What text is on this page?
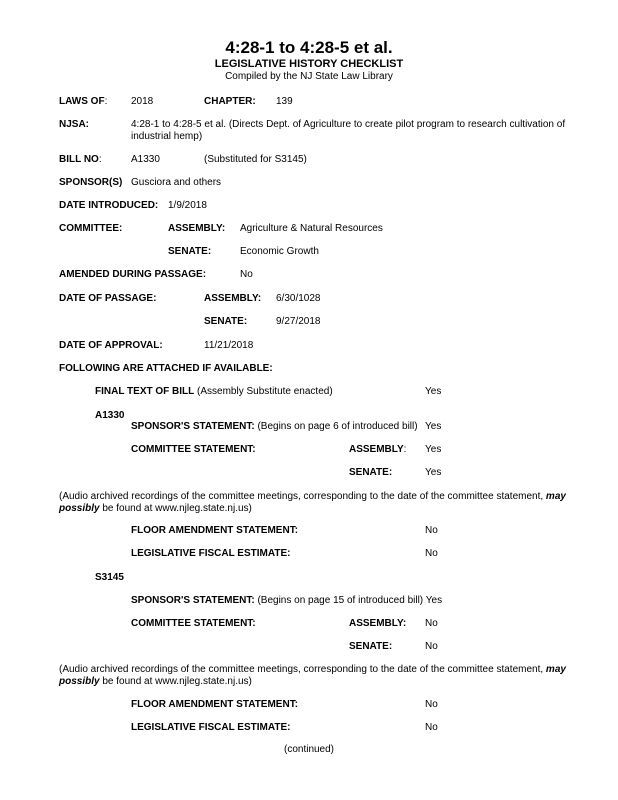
4:28-1 to 4:28-5 et al.
LEGISLATIVE HISTORY CHECKLIST
Compiled by the NJ State Law Library
LAWS OF: 2018	CHAPTER: 139
NJSA:	4:28-1 to 4:28-5 et al. (Directs Dept. of Agriculture to create pilot program to research cultivation of industrial hemp)
BILL NO:	A1330	(Substituted for S3145)
SPONSOR(S) Gusciora and others
DATE INTRODUCED: 1/9/2018
COMMITTEE:	ASSEMBLY: Agriculture & Natural Resources
SENATE:	Economic Growth
AMENDED DURING PASSAGE:	No
DATE OF PASSAGE:	ASSEMBLY: 6/30/1028
SENATE:	9/27/2018
DATE OF APPROVAL:	11/21/2018
FOLLOWING ARE ATTACHED IF AVAILABLE:
FINAL TEXT OF BILL (Assembly Substitute enacted)	Yes
A1330
SPONSOR'S STATEMENT: (Begins on page 6 of introduced bill) Yes
COMMITTEE STATEMENT:	ASSEMBLY: Yes
SENATE:	Yes
(Audio archived recordings of the committee meetings, corresponding to the date of the committee statement, may possibly be found at www.njleg.state.nj.us)
FLOOR AMENDMENT STATEMENT:	No
LEGISLATIVE FISCAL ESTIMATE:	No
S3145
SPONSOR'S STATEMENT: (Begins on page 15 of introduced bill) Yes
COMMITTEE STATEMENT:	ASSEMBLY: No
SENATE:	No
(Audio archived recordings of the committee meetings, corresponding to the date of the committee statement, may possibly be found at www.njleg.state.nj.us)
FLOOR AMENDMENT STATEMENT:	No
LEGISLATIVE FISCAL ESTIMATE:	No
(continued)
